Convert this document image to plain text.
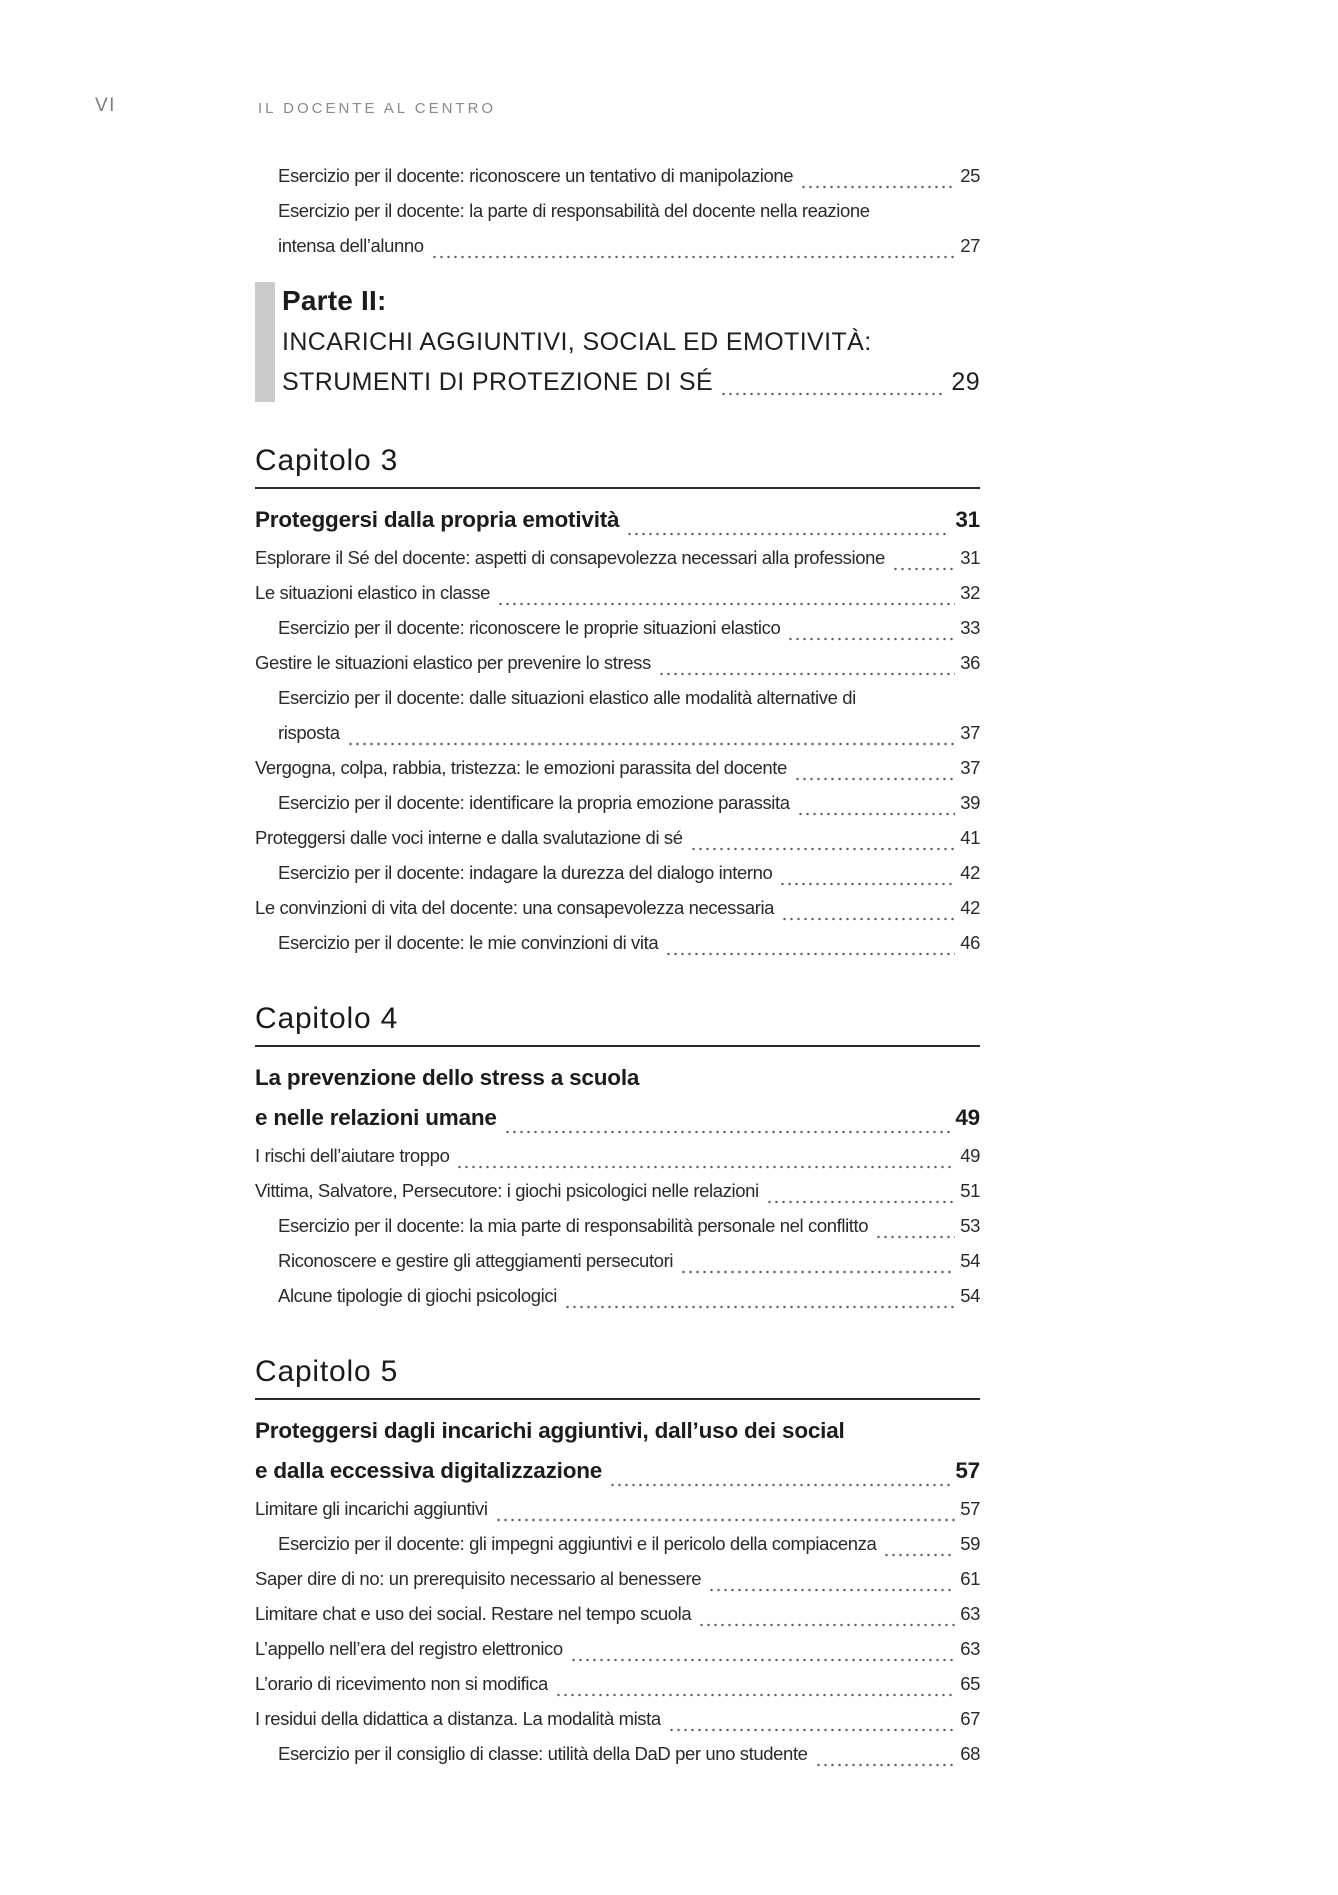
VI	IL DOCENTE AL CENTRO
Esercizio per il docente: riconoscere un tentativo di manipolazione	25
Esercizio per il docente: la parte di responsabilità del docente nella reazione
intensa dell’alunno	27
Parte II:
INCARICHI AGGIUNTIVI, SOCIAL ED EMOTIVITÀ:
STRUMENTI DI PROTEZIONE DI SÉ	29
Capitolo 3
Proteggersi dalla propria emotività	31
Esplorare il Sé del docente: aspetti di consapevolezza necessari alla professione	31
Le situazioni elastico in classe	32
Esercizio per il docente: riconoscere le proprie situazioni elastico	33
Gestire le situazioni elastico per prevenire lo stress	36
Esercizio per il docente: dalle situazioni elastico alle modalità alternative di
risposta	37
Vergogna, colpa, rabbia, tristezza: le emozioni parassita del docente	37
Esercizio per il docente: identificare la propria emozione parassita	39
Proteggersi dalle voci interne e dalla svalutazione di sé	41
Esercizio per il docente: indagare la durezza del dialogo interno	42
Le convinzioni di vita del docente: una consapevolezza necessaria	42
Esercizio per il docente: le mie convinzioni di vita	46
Capitolo 4
La prevenzione dello stress a scuola
e nelle relazioni umane	49
I rischi dell’aiutare troppo	49
Vittima, Salvatore, Persecutore: i giochi psicologici nelle relazioni	51
Esercizio per il docente: la mia parte di responsabilità personale nel conflitto	53
Riconoscere e gestire gli atteggiamenti persecutori	54
Alcune tipologie di giochi psicologici	54
Capitolo 5
Proteggersi dagli incarichi aggiuntivi, dall’uso dei social
e dalla eccessiva digitalizzazione	57
Limitare gli incarichi aggiuntivi	57
Esercizio per il docente: gli impegni aggiuntivi e il pericolo della compiacenza	59
Saper dire di no: un prerequisito necessario al benessere	61
Limitare chat e uso dei social. Restare nel tempo scuola	63
L’appello nell’era del registro elettronico	63
L’orario di ricevimento non si modifica	65
I residui della didattica a distanza. La modalità mista	67
Esercizio per il consiglio di classe: utilità della DaD per uno studente	68
